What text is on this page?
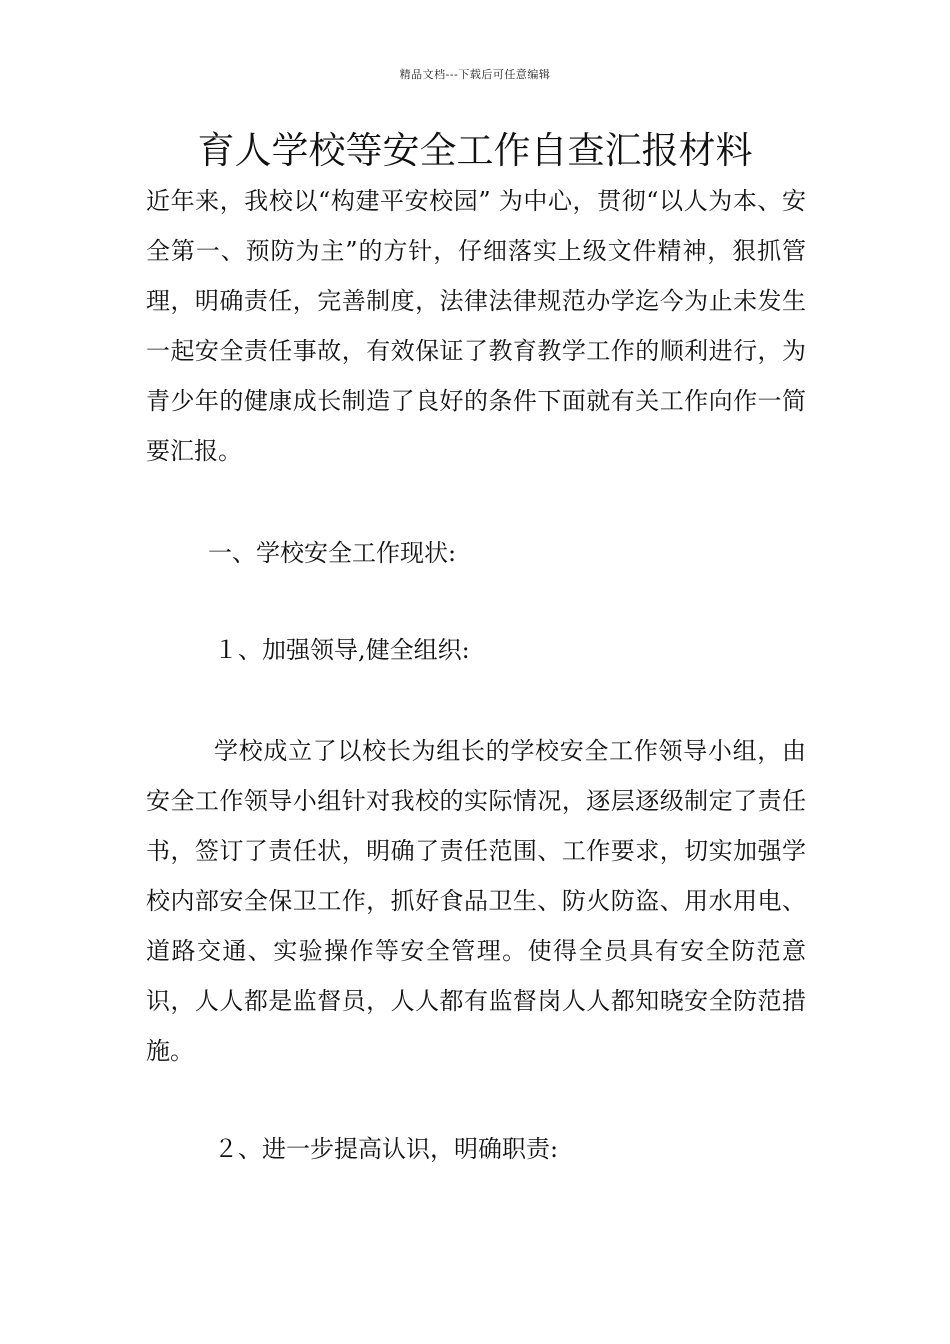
精品文档---下载后可任意编辑
育人学校等安全工作自查汇报材料

近年来，我校以“构建平安校园” 为中心，贯彻“以人为本、安全第一、预防为主”的方针，仔细落实上级文件精神，狠抓管理，明确责任，完善制度，法律法律规范办学迄今为止未发生一起安全责任事故，有效保证了教育教学工作的顺利进行，为青少年的健康成长制造了良好的条件下面就有关工作向作一简要汇报。

一、学校安全工作现状:

１、加强领导,健全组织:

学校成立了以校长为组长的学校安全工作领导小组，由安全工作领导小组针对我校的实际情况，逐层逐级制定了责任书，签订了责任状，明确了责任范围、工作要求，切实加强学校内部安全保卫工作，抓好食品卫生、防火防盗、用水用电、道路交通、实验操作等安全管理。使得全员具有安全防范意识，人人都是监督员，人人都有监督岗人人都知晓安全防范措施。

２、进一步提高认识，明确职责:
